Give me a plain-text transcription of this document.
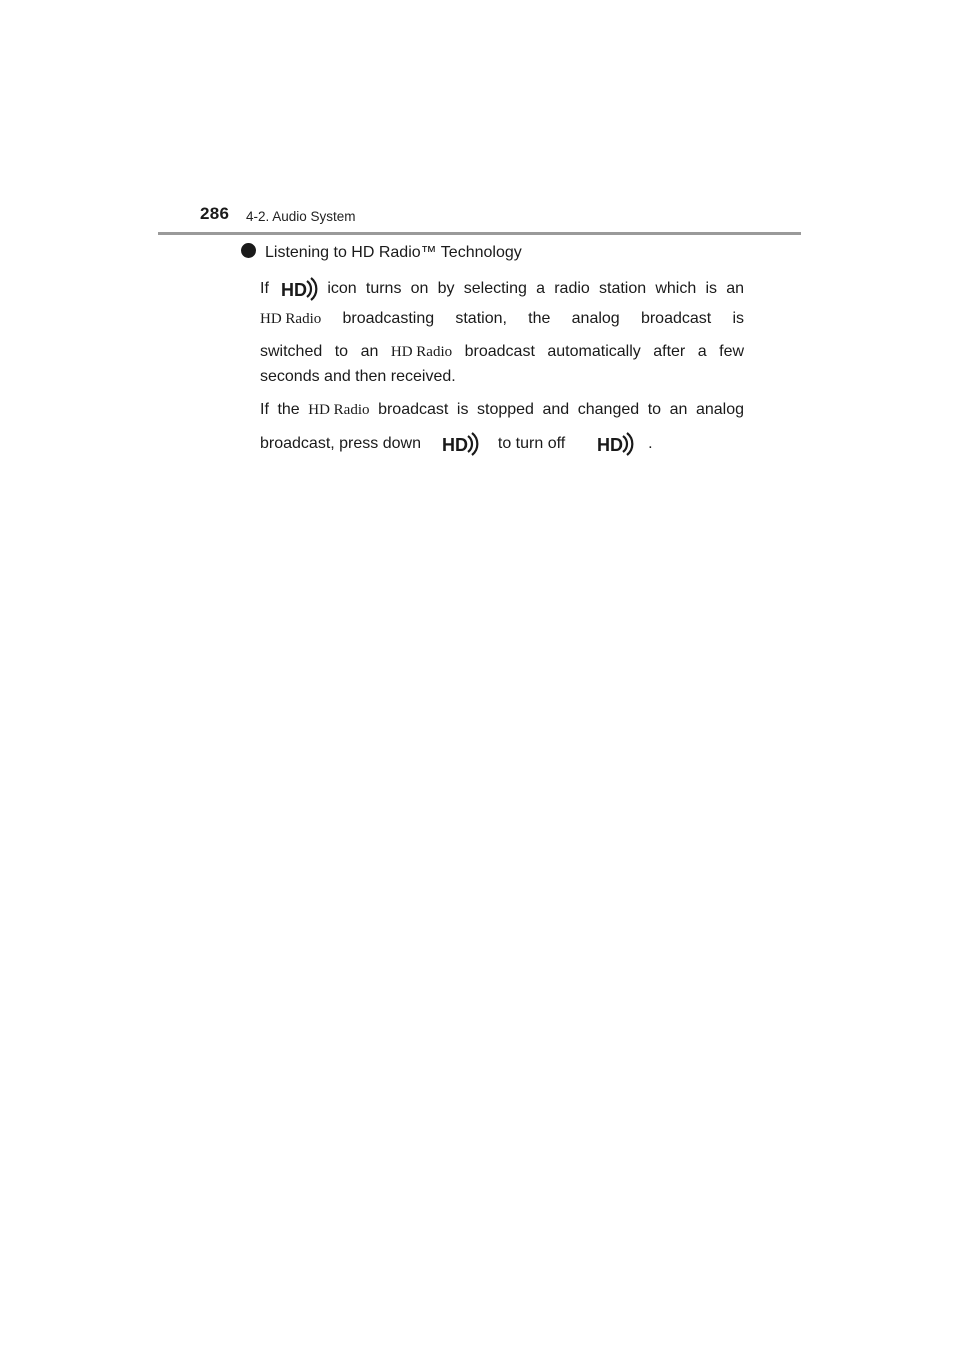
286 4-2. Audio System
Listening to HD Radio™ Technology
If HD icon turns on by selecting a radio station which is an
HD Radio broadcasting station, the analog broadcast is
switched to an HD Radio broadcast automatically after a few
seconds and then received.
If the HD Radio broadcast is stopped and changed to an analog
broadcast, press down HD to turn off HD .
